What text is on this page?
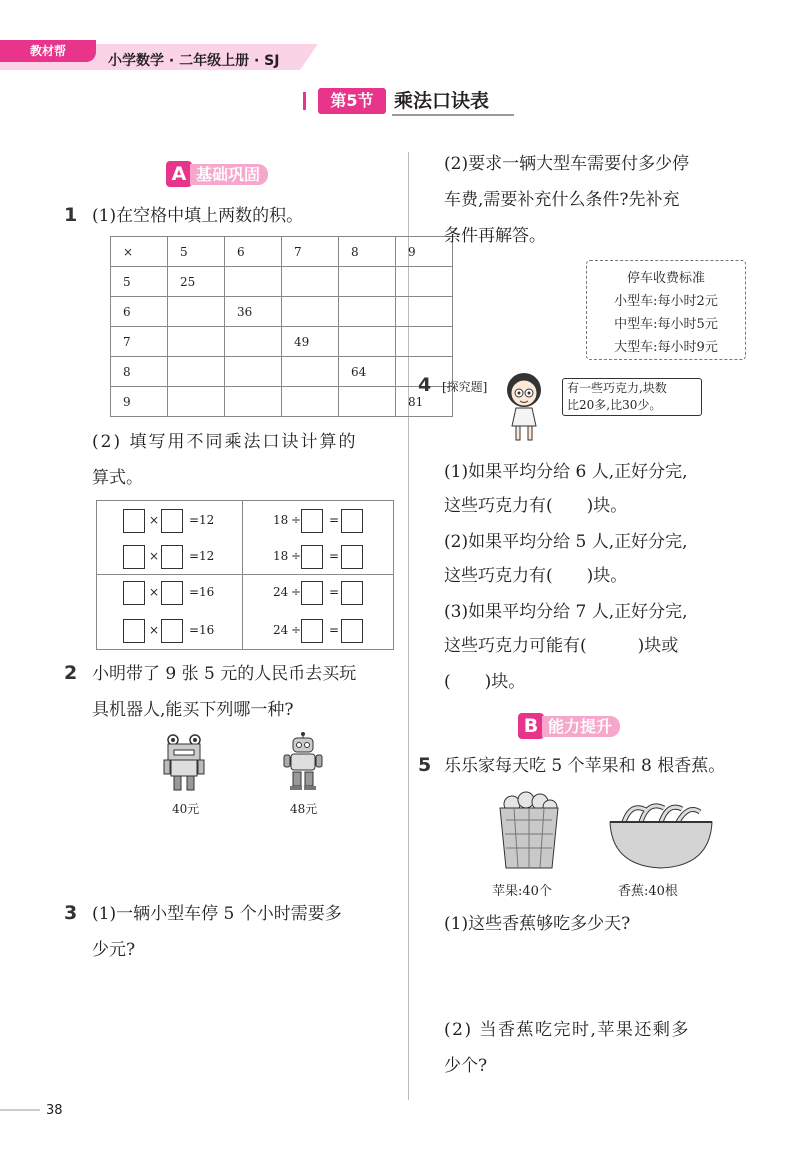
教材帮
小学数学 · 二年级上册 · SJ
第5节	乘法口诀表
A 基础巩固
1 (1)在空格中填上两数的积。
×	5	6	7	8	9
5	25				
6		36			
7			49		
8				64	
9					81
(2) 填写用不同乘法口诀计算的
算式。
× = 12	18 ÷ =
× = 12	18 ÷ =
× = 16	24 ÷ =
× = 16	24 ÷ =
2 小明带了 9 张 5 元的人民币去买玩
具机器人,能买下列哪一种?
40元	48元
3 (1)一辆小型车停 5 个小时需要多
少元?
(2)要求一辆大型车需要付多少停
车费,需要补充什么条件?先补充
条件再解答。
停车收费标准
小型车:每小时2元
中型车:每小时5元
大型车:每小时9元
4 [探究题]	有一些巧克力,块数
比20多,比30少。
(1)如果平均分给 6 人,正好分完,
这些巧克力有(　　)块。
(2)如果平均分给 5 人,正好分完,
这些巧克力有(　　)块。
(3)如果平均分给 7 人,正好分完,
这些巧克力可能有(　　　)块或
(　　)块。
B 能力提升
5 乐乐家每天吃 5 个苹果和 8 根香蕉。
苹果:40个	香蕉:40根
(1)这些香蕉够吃多少天?
(2) 当香蕉吃完时,苹果还剩多
少个?
38
